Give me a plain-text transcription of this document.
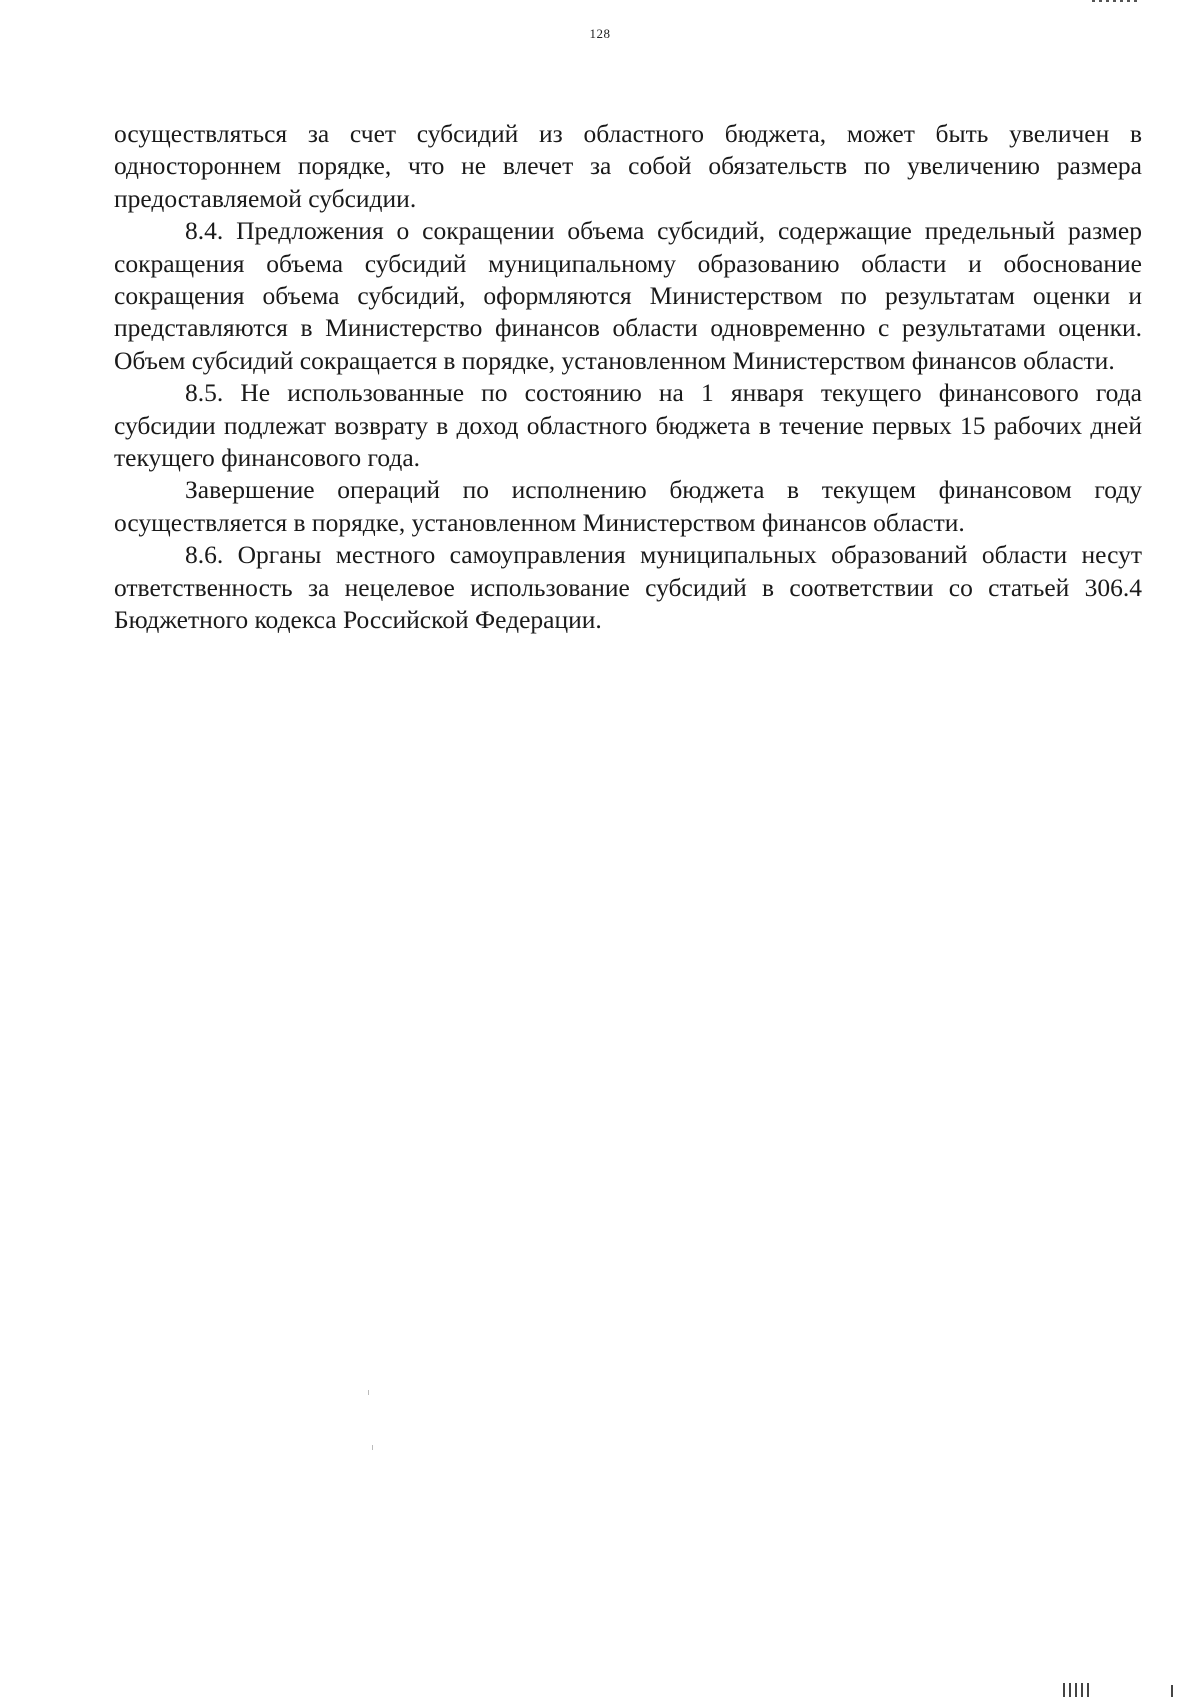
128

осуществляться за счет субсидий из областного бюджета, может быть увеличен в одностороннем порядке, что не влечет за собой обязательств по увеличению размера предоставляемой субсидии.

8.4. Предложения о сокращении объема субсидий, содержащие предельный размер сокращения объема субсидий муниципальному образованию области и обоснование сокращения объема субсидий, оформляются Министерством по результатам оценки и представляются в Министерство финансов области одновременно с результатами оценки. Объем субсидий сокращается в порядке, установленном Министерством финансов области.

8.5. Не использованные по состоянию на 1 января текущего финансового года субсидии подлежат возврату в доход областного бюджета в течение первых 15 рабочих дней текущего финансового года.

Завершение операций по исполнению бюджета в текущем финансовом году осуществляется в порядке, установленном Министерством финансов области.

8.6. Органы местного самоуправления муниципальных образований области несут ответственность за нецелевое использование субсидий в соответствии со статьей 306.4 Бюджетного кодекса Российской Федерации.
